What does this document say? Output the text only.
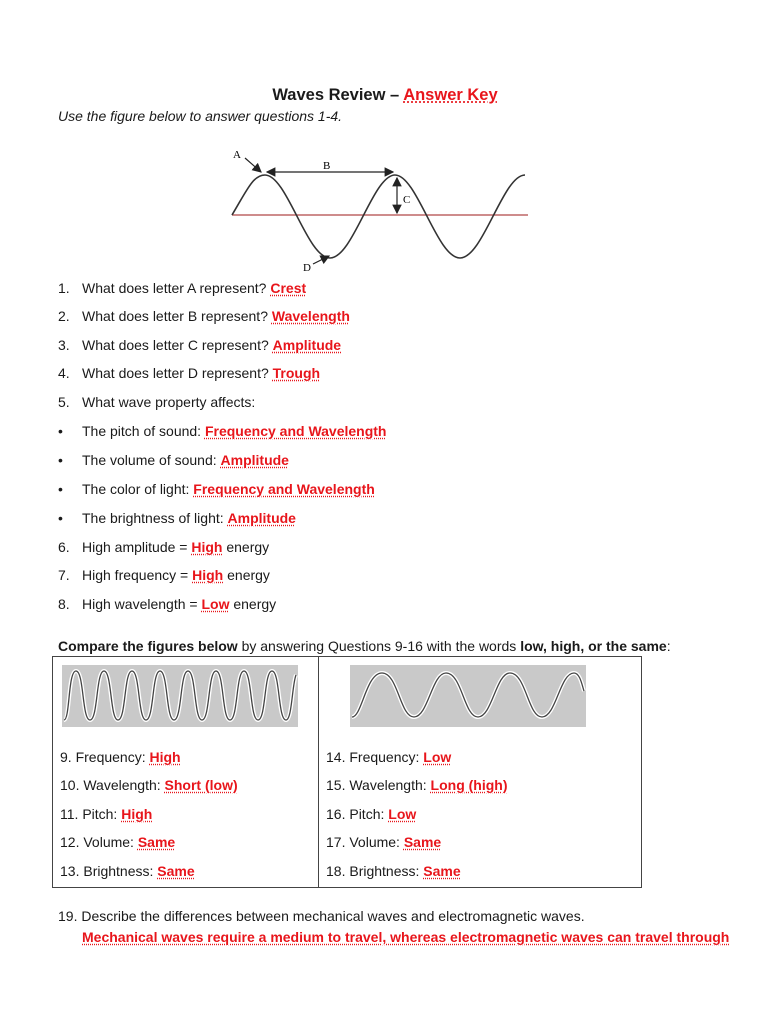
Waves Review – Answer Key
Use the figure below to answer questions 1-4.
A
B
C
D
1. What does letter A represent? Crest
2. What does letter B represent? Wavelength
3. What does letter C represent? Amplitude
4. What does letter D represent? Trough
5. What wave property affects:
• The pitch of sound: Frequency and Wavelength
• The volume of sound: Amplitude
• The color of light: Frequency and Wavelength
• The brightness of light: Amplitude
6. High amplitude = High energy
7. High frequency = High energy
8. High wavelength = Low energy
Compare the figures below by answering Questions 9-16 with the words low, high, or the same:
9. Frequency: High
10. Wavelength: Short (low)
11. Pitch: High
12. Volume: Same
13. Brightness: Same
14. Frequency: Low
15. Wavelength: Long (high)
16. Pitch: Low
17. Volume: Same
18. Brightness: Same
19. Describe the differences between mechanical waves and electromagnetic waves.
Mechanical waves require a medium to travel, whereas electromagnetic waves can travel through
